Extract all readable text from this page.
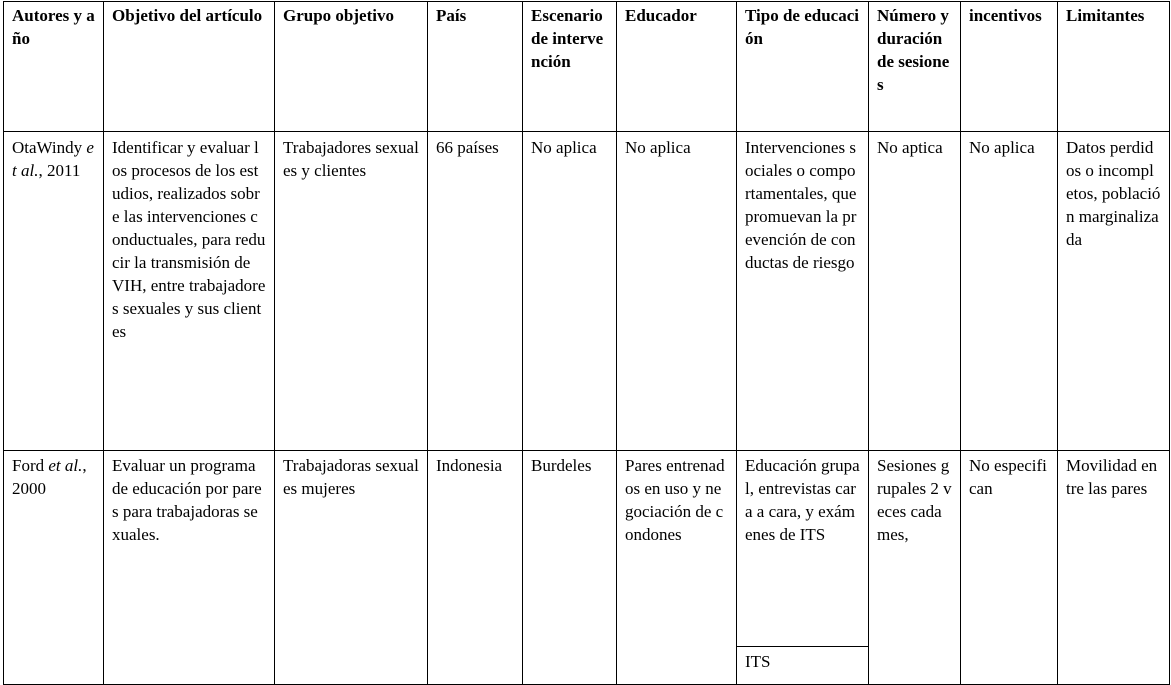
Autores y año	Objetivo del artículo	Grupo objetivo	País	Escenario de intervención	Educador	Tipo de educación	Número y duración de sesiones	incentivos	Limitantes
OtaWindy et al., 2011	Identificar y evaluar los procesos de los estudios, realizados sobre las intervenciones conductuales, para reducir la transmisión de VIH, entre trabajadores sexuales y sus clientes	Trabajadores sexuales y clientes	66 países	No aplica	No aplica	Intervenciones sociales o comportamentales, que promuevan la prevención de conductas de riesgo	No aptica	No aplica	Datos perdidos o incompletos, población marginalizada
Ford et al., 2000	Evaluar un programa de educación por pares para trabajadoras sexuales.	Trabajadoras sexuales mujeres	Indonesia	Burdeles	Pares entrenados en uso y negociación de condones	Educación grupal, entrevistas cara a cara, y exámenes de ITS	Sesiones grupales 2 veces cada mes,	No especifican	Movilidad entre las pares
						ITS			
